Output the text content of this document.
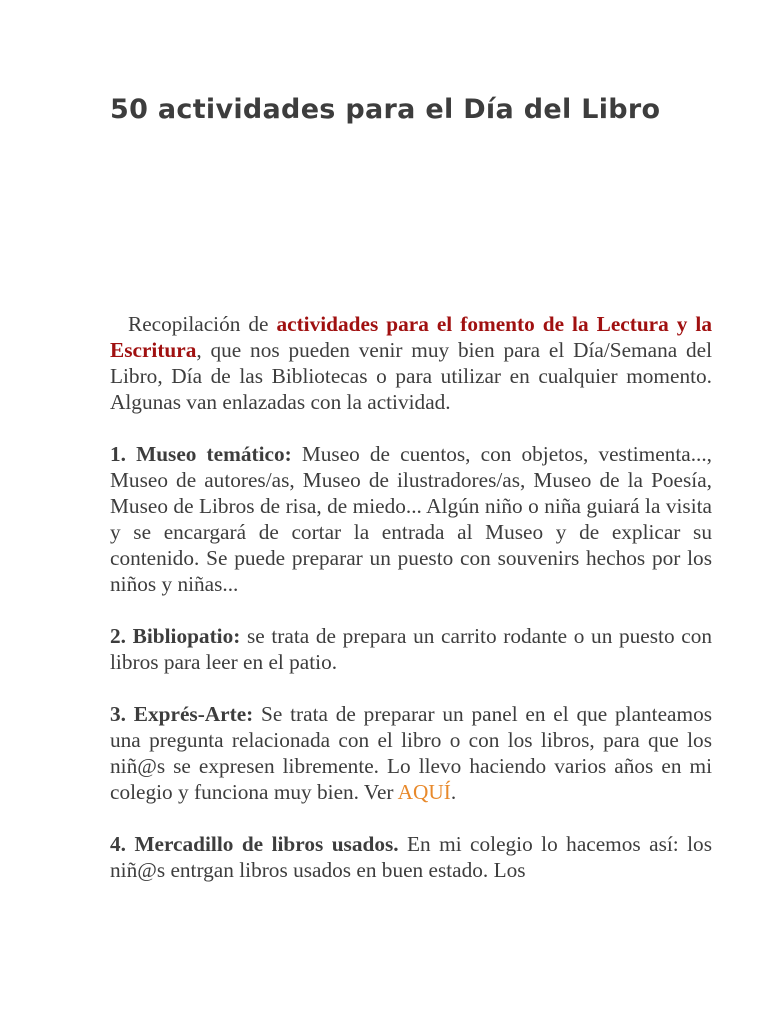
50 actividades para el Día del Libro

Recopilación de actividades para el fomento de la Lectura y la Escritura, que nos pueden venir muy bien para el Día/Semana del Libro, Día de las Bibliotecas o para utilizar en cualquier momento. Algunas van enlazadas con la actividad.

1. Museo temático: Museo de cuentos, con objetos, vestimenta..., Museo de autores/as, Museo de ilustradores/as, Museo de la Poesía, Museo de Libros de risa, de miedo... Algún niño o niña guiará la visita y se encargará de cortar la entrada al Museo y de explicar su contenido. Se puede preparar un puesto con souvenirs hechos por los niños y niñas...

2. Bibliopatio: se trata de prepara un carrito rodante o un puesto con libros para leer en el patio.

3. Exprés-Arte: Se trata de preparar un panel en el que planteamos una pregunta relacionada con el libro o con los libros, para que los niñ@s se expresen libremente. Lo llevo haciendo varios años en mi colegio y funciona muy bien. Ver AQUÍ.

4. Mercadillo de libros usados. En mi colegio lo hacemos así: los niñ@s entrgan libros usados en buen estado. Los
